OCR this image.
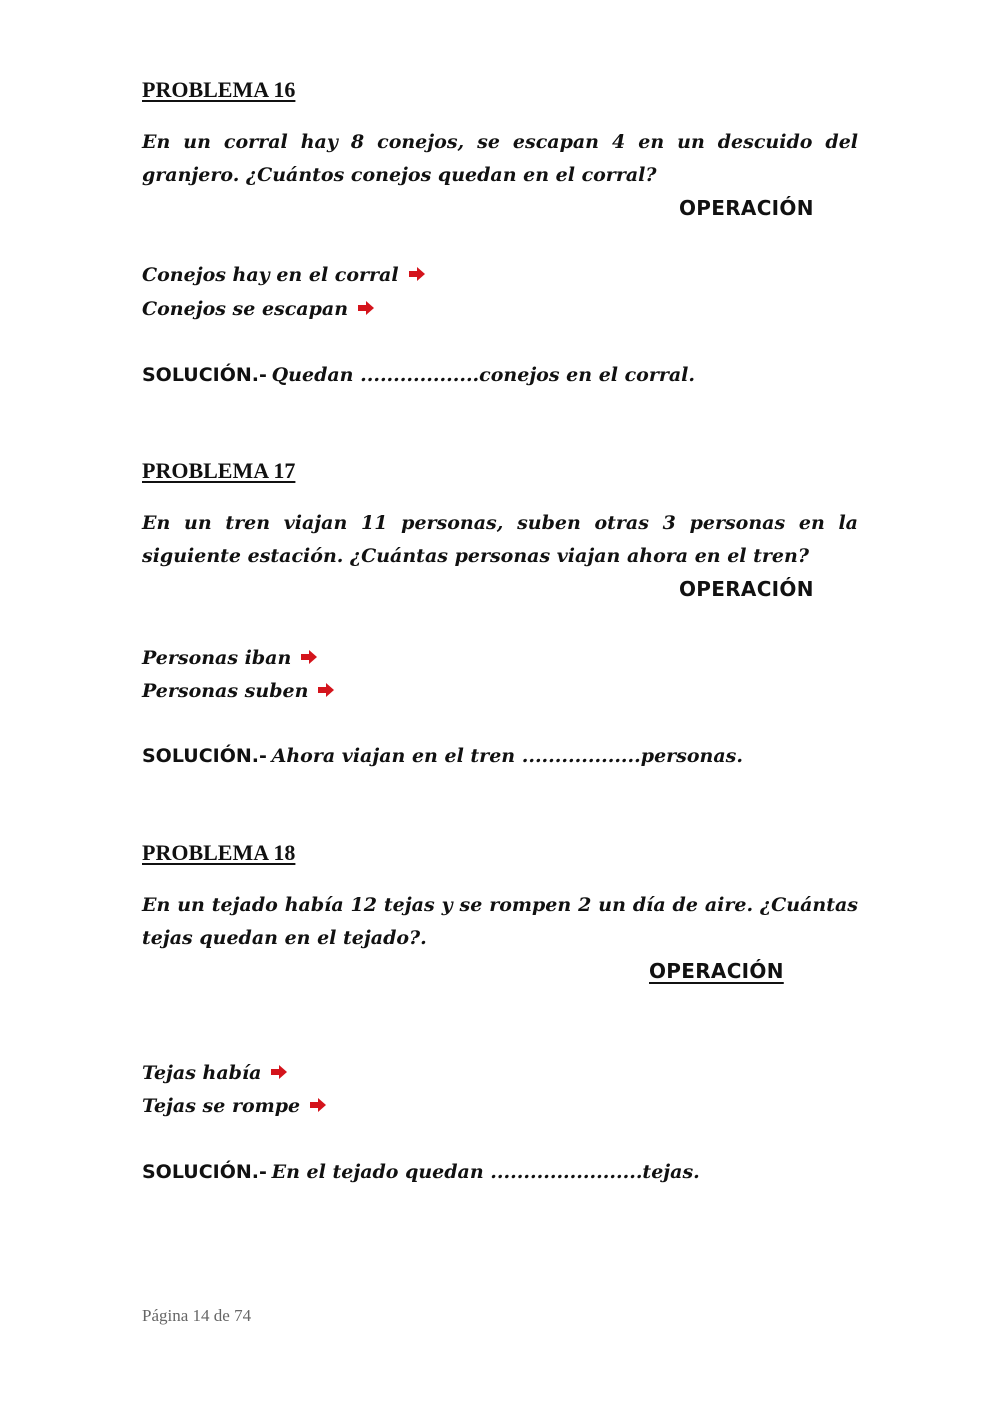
PROBLEMA 16

En un corral hay 8 conejos, se escapan 4 en un descuido del granjero. ¿Cuántos conejos quedan en el corral?

OPERACIÓN
Conejos hay en el corral
Conejos se escapan
SOLUCIÓN.- Quedan ..................conejos en el corral.
PROBLEMA 17

En un tren viajan 11 personas, suben otras 3 personas en la siguiente estación. ¿Cuántas personas viajan ahora en el tren?

OPERACIÓN
Personas iban
Personas suben
SOLUCIÓN.- Ahora viajan en el tren ..................personas.
PROBLEMA 18

En un tejado había 12 tejas y se rompen 2 un día de aire. ¿Cuántas tejas quedan en el tejado?.

OPERACIÓN
Tejas había
Tejas se rompe
SOLUCIÓN.- En el tejado quedan .......................tejas.
Página 14 de 74
